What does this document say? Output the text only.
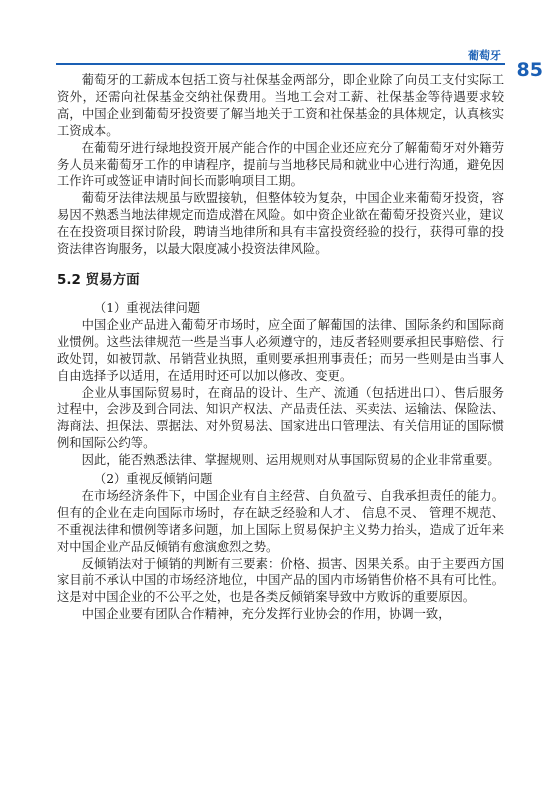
葡萄牙
85

葡萄牙的工薪成本包括工资与社保基金两部分，即企业除了向员工支付实际工资外，还需向社保基金交纳社保费用。当地工会对工薪、社保基金等待遇要求较高，中国企业到葡萄牙投资要了解当地关于工资和社保基金的具体规定，认真核实工资成本。

在葡萄牙进行绿地投资开展产能合作的中国企业还应充分了解葡萄牙对外籍劳务人员来葡萄牙工作的申请程序，提前与当地移民局和就业中心进行沟通，避免因工作许可或签证申请时间长而影响项目工期。

葡萄牙法律法规虽与欧盟接轨，但整体较为复杂，中国企业来葡萄牙投资，容易因不熟悉当地法律规定而造成潜在风险。如中资企业欲在葡萄牙投资兴业，建议在在投资项目探讨阶段，聘请当地律所和具有丰富投资经验的投行，获得可靠的投资法律咨询服务，以最大限度减小投资法律风险。

5.2 贸易方面

（1）重视法律问题

中国企业产品进入葡萄牙市场时，应全面了解葡国的法律、国际条约和国际商业惯例。这些法律规范一些是当事人必须遵守的，违反者轻则要承担民事赔偿、行政处罚，如被罚款、吊销营业执照，重则要承担刑事责任；而另一些则是由当事人自由选择予以适用，在适用时还可以加以修改、变更。

企业从事国际贸易时，在商品的设计、生产、流通（包括进出口）、售后服务过程中，会涉及到合同法、知识产权法、产品责任法、买卖法、运输法、保险法、海商法、担保法、票据法、对外贸易法、国家进出口管理法、有关信用证的国际惯例和国际公约等。

因此，能否熟悉法律、掌握规则、运用规则对从事国际贸易的企业非常重要。

（2）重视反倾销问题

在市场经济条件下，中国企业有自主经营、自负盈亏、自我承担责任的能力。但有的企业在走向国际市场时，存在缺乏经验和人才、 信息不灵、 管理不规范、不重视法律和惯例等诸多问题，加上国际上贸易保护主义势力抬头，造成了近年来对中国企业产品反倾销有愈演愈烈之势。

反倾销法对于倾销的判断有三要素：价格、损害、因果关系。由于主要西方国家目前不承认中国的市场经济地位，中国产品的国内市场销售价格不具有可比性。这是对中国企业的不公平之处，也是各类反倾销案导致中方败诉的重要原因。

中国企业要有团队合作精神，充分发挥行业协会的作用，协调一致，
